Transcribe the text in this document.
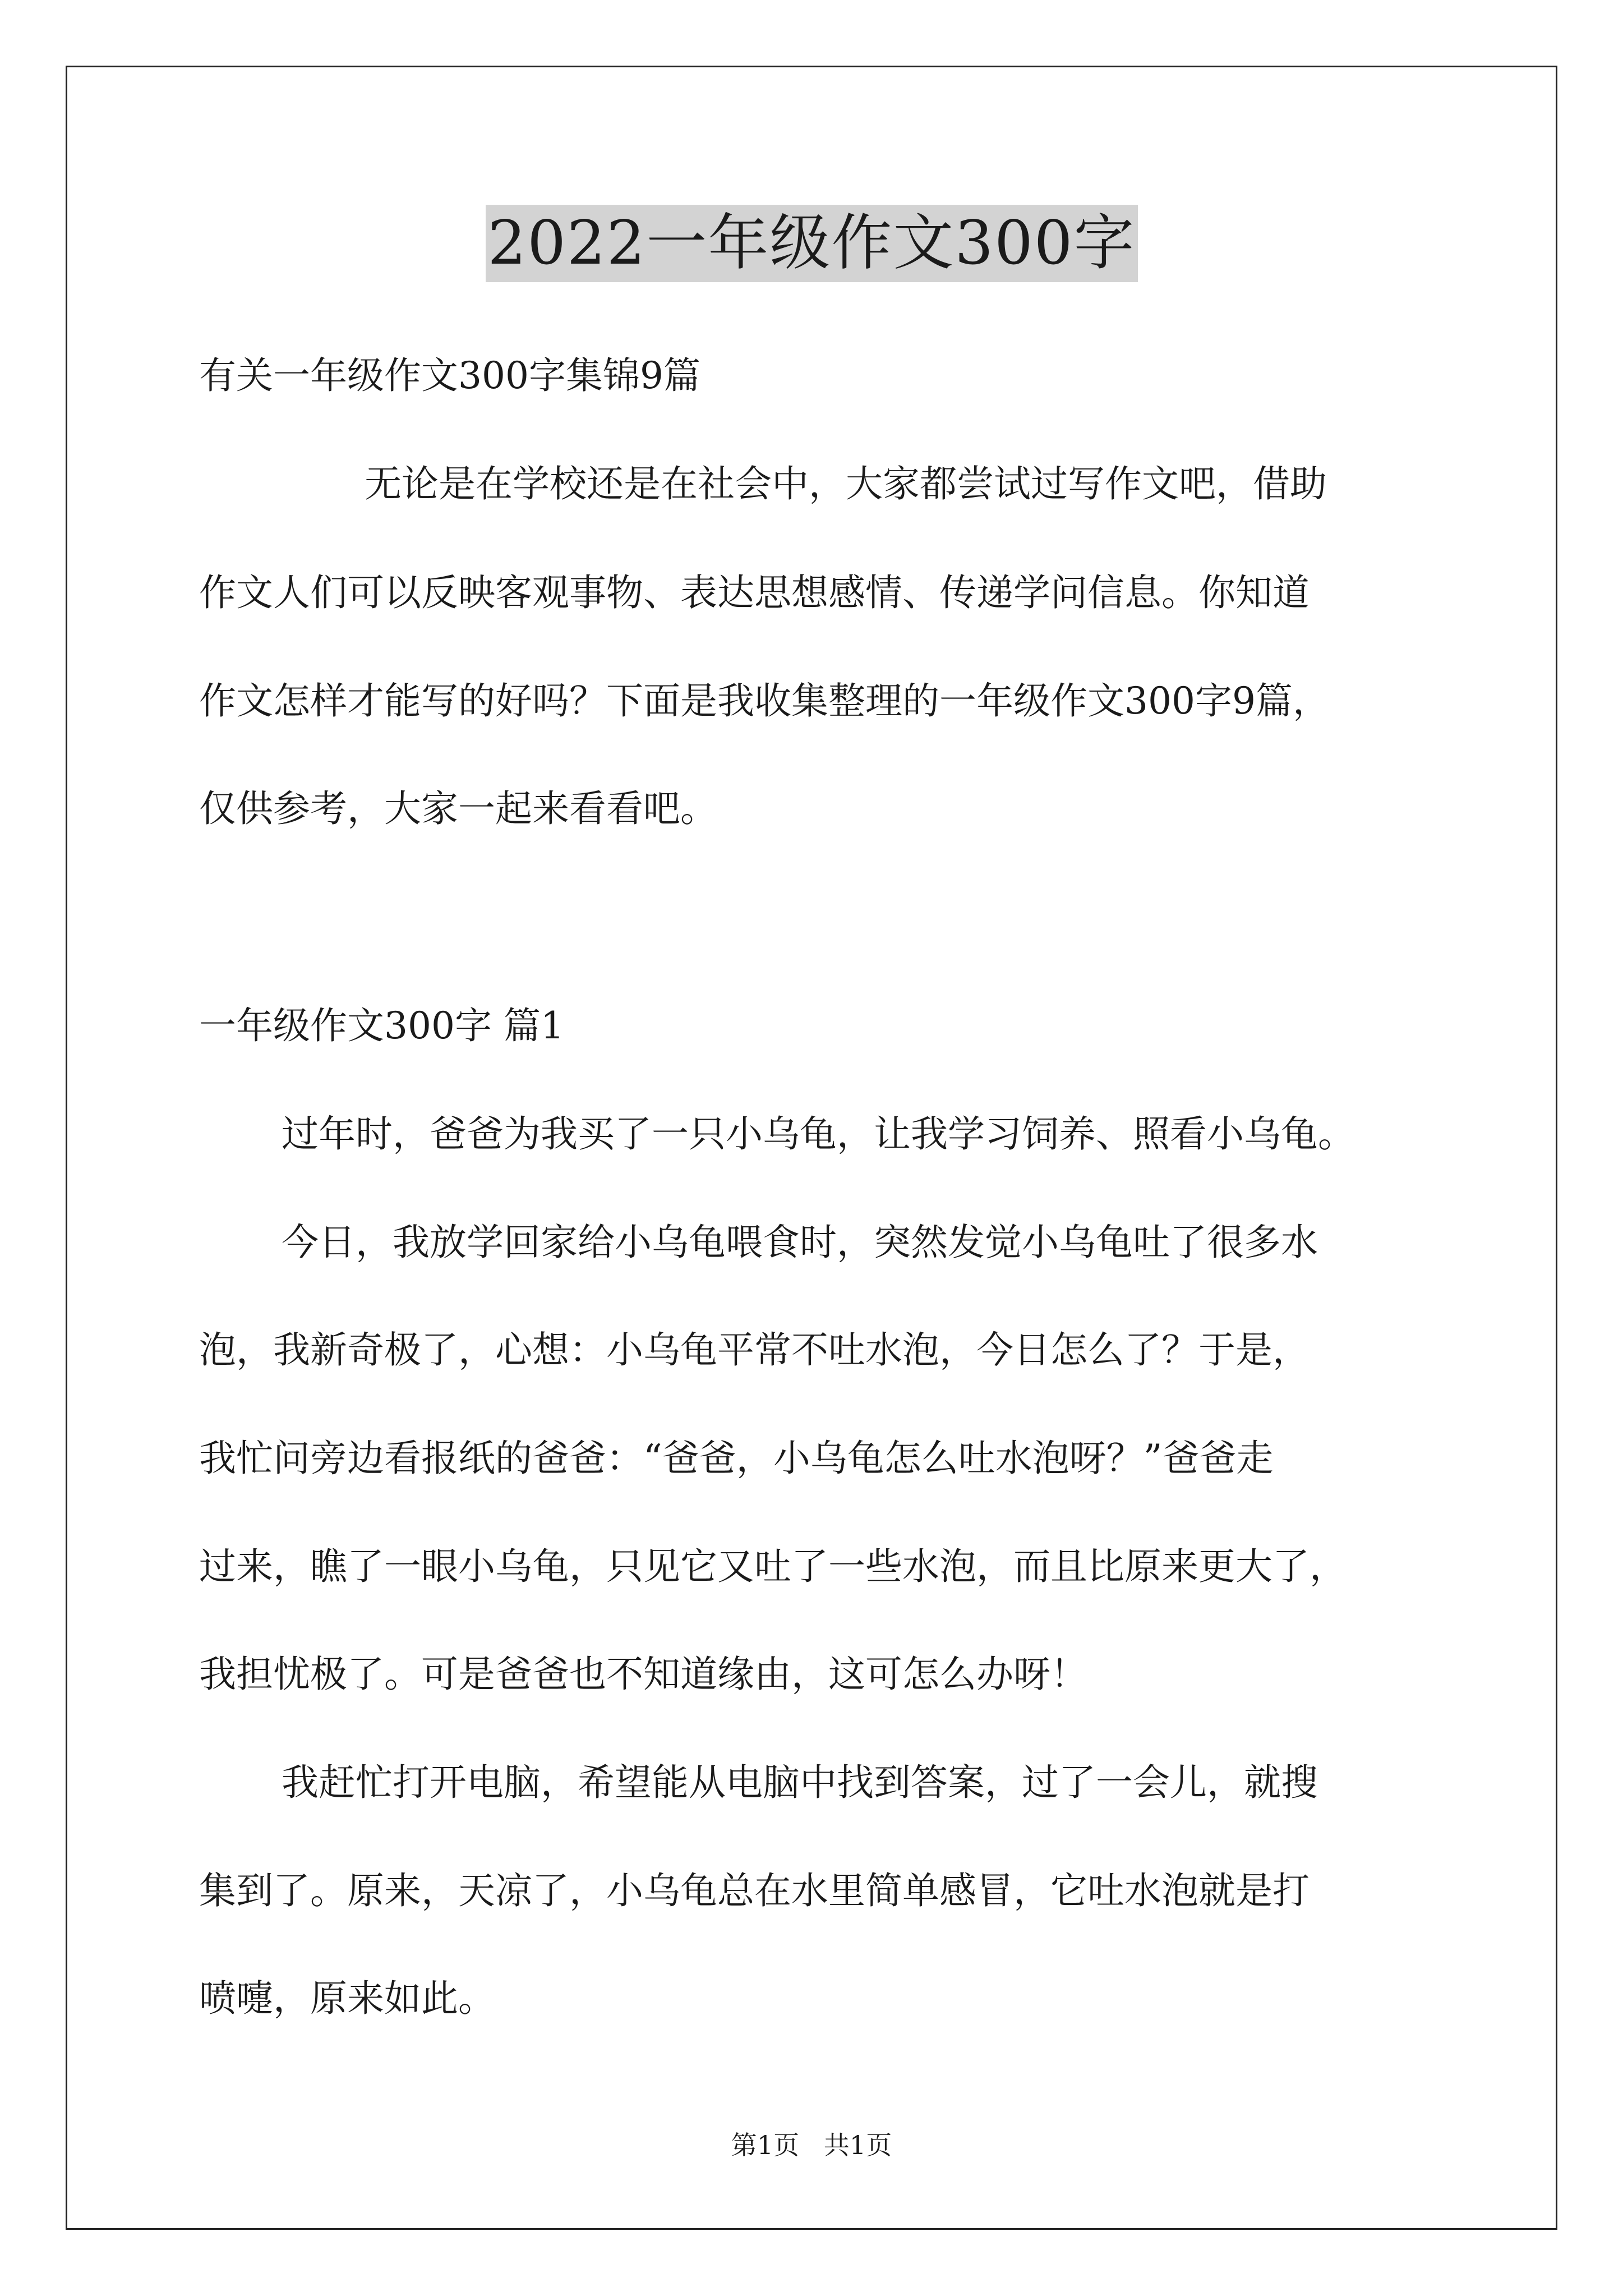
2022一年级作文300字
有关一年级作文300字集锦9篇
无论是在学校还是在社会中，大家都尝试过写作文吧，借助
作文人们可以反映客观事物、表达思想感情、传递学问信息。你知道
作文怎样才能写的好吗？下面是我收集整理的一年级作文300字9篇，
仅供参考，大家一起来看看吧。
一年级作文300字 篇1
过年时，爸爸为我买了一只小乌龟，让我学习饲养、照看小乌龟。
今日，我放学回家给小乌龟喂食时，突然发觉小乌龟吐了很多水
泡，我新奇极了，心想：小乌龟平常不吐水泡，今日怎么了？于是，
我忙问旁边看报纸的爸爸：“爸爸，小乌龟怎么吐水泡呀？”爸爸走
过来，瞧了一眼小乌龟，只见它又吐了一些水泡，而且比原来更大了，
我担忧极了。可是爸爸也不知道缘由，这可怎么办呀！
我赶忙打开电脑，希望能从电脑中找到答案，过了一会儿，就搜
集到了。原来，天凉了，小乌龟总在水里简单感冒，它吐水泡就是打
喷嚏，原来如此。
第1页   共1页
